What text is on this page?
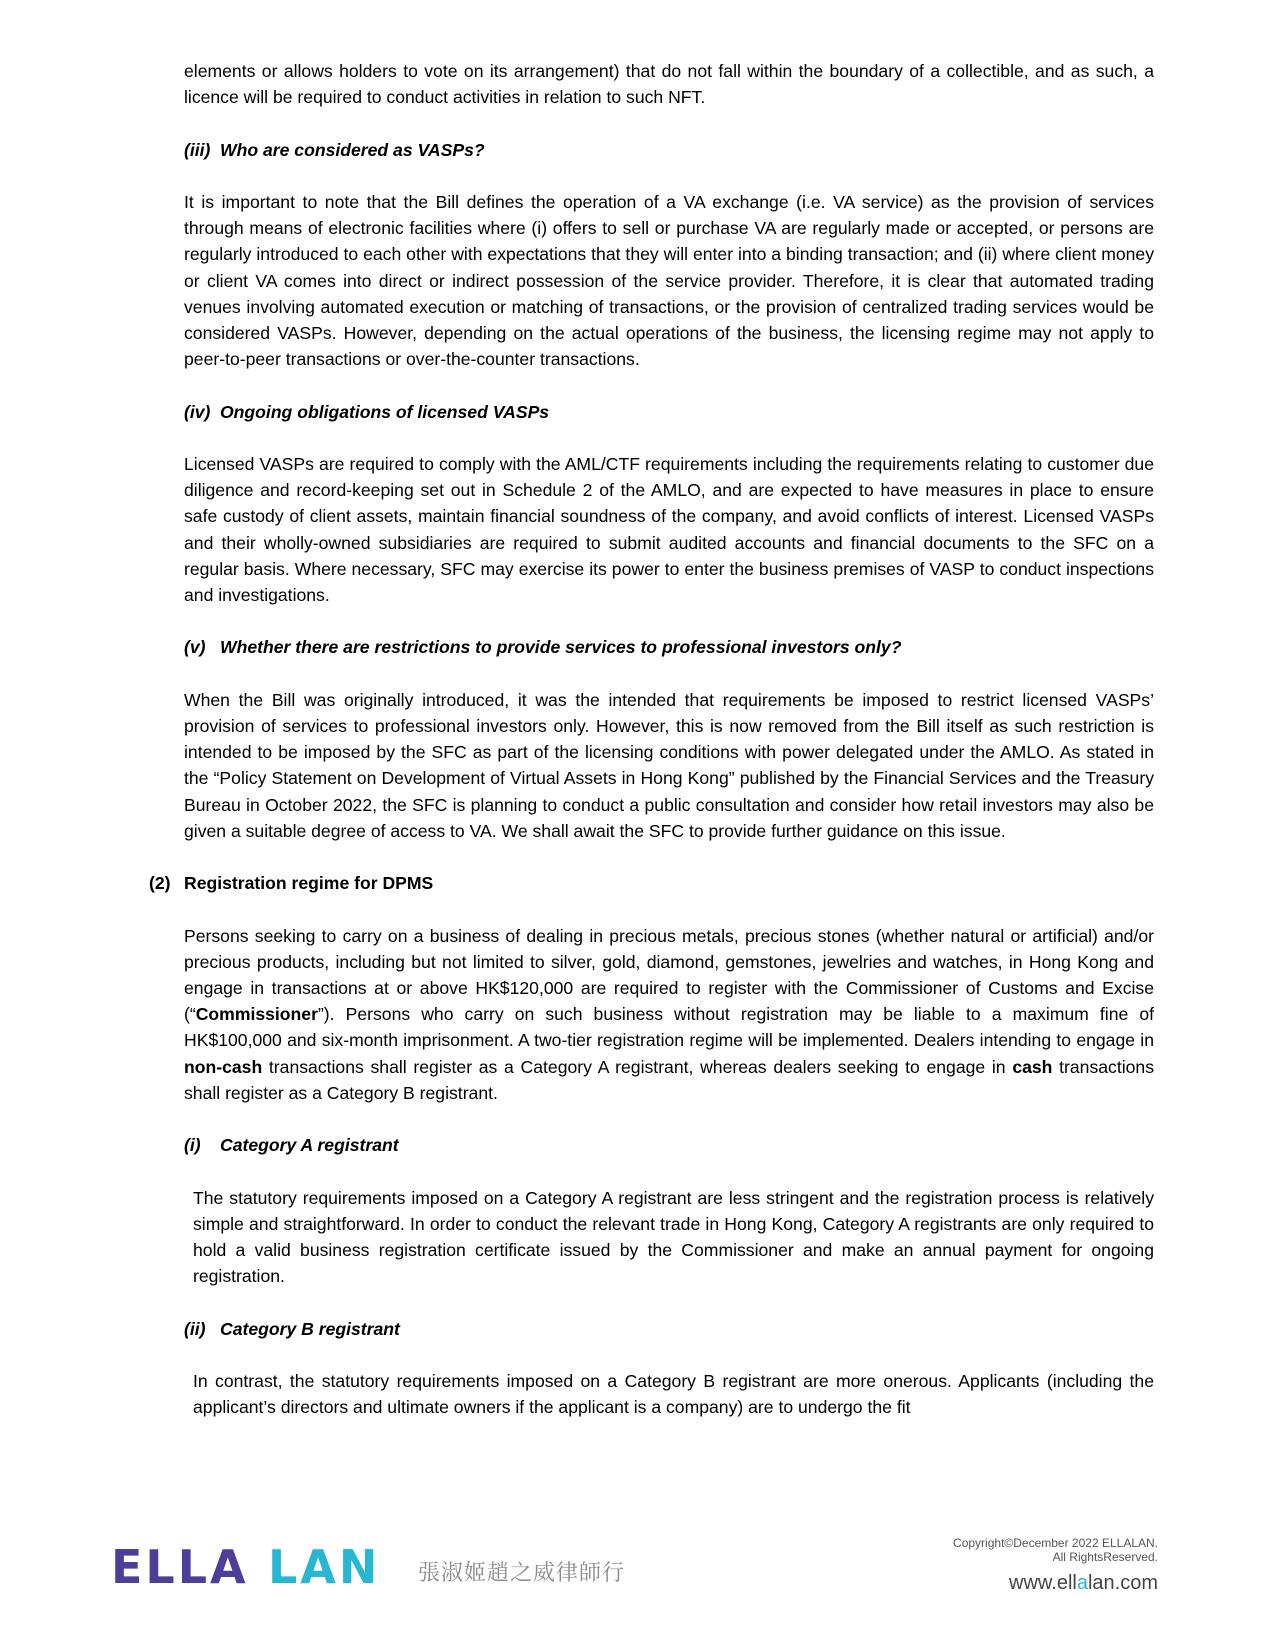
elements or allows holders to vote on its arrangement) that do not fall within the boundary of a collectible, and as such, a licence will be required to conduct activities in relation to such NFT.

(iii) Who are considered as VASPs?

It is important to note that the Bill defines the operation of a VA exchange (i.e. VA service) as the provision of services through means of electronic facilities where (i) offers to sell or purchase VA are regularly made or accepted, or persons are regularly introduced to each other with expectations that they will enter into a binding transaction; and (ii) where client money or client VA comes into direct or indirect possession of the service provider. Therefore, it is clear that automated trading venues involving automated execution or matching of transactions, or the provision of centralized trading services would be considered VASPs. However, depending on the actual operations of the business, the licensing regime may not apply to peer-to-peer transactions or over-the-counter transactions.

(iv) Ongoing obligations of licensed VASPs

Licensed VASPs are required to comply with the AML/CTF requirements including the requirements relating to customer due diligence and record-keeping set out in Schedule 2 of the AMLO, and are expected to have measures in place to ensure safe custody of client assets, maintain financial soundness of the company, and avoid conflicts of interest. Licensed VASPs and their wholly-owned subsidiaries are required to submit audited accounts and financial documents to the SFC on a regular basis. Where necessary, SFC may exercise its power to enter the business premises of VASP to conduct inspections and investigations.

(v) Whether there are restrictions to provide services to professional investors only?

When the Bill was originally introduced, it was the intended that requirements be imposed to restrict licensed VASPs’ provision of services to professional investors only. However, this is now removed from the Bill itself as such restriction is intended to be imposed by the SFC as part of the licensing conditions with power delegated under the AMLO. As stated in the “Policy Statement on Development of Virtual Assets in Hong Kong” published by the Financial Services and the Treasury Bureau in October 2022, the SFC is planning to conduct a public consultation and consider how retail investors may also be given a suitable degree of access to VA. We shall await the SFC to provide further guidance on this issue.

(2) Registration regime for DPMS

Persons seeking to carry on a business of dealing in precious metals, precious stones (whether natural or artificial) and/or precious products, including but not limited to silver, gold, diamond, gemstones, jewelries and watches, in Hong Kong and engage in transactions at or above HK$120,000 are required to register with the Commissioner of Customs and Excise (“Commissioner”). Persons who carry on such business without registration may be liable to a maximum fine of HK$100,000 and six-month imprisonment. A two-tier registration regime will be implemented. Dealers intending to engage in non-cash transactions shall register as a Category A registrant, whereas dealers seeking to engage in cash transactions shall register as a Category B registrant.

(i) Category A registrant

The statutory requirements imposed on a Category A registrant are less stringent and the registration process is relatively simple and straightforward. In order to conduct the relevant trade in Hong Kong, Category A registrants are only required to hold a valid business registration certificate issued by the Commissioner and make an annual payment for ongoing registration.

(ii) Category B registrant

In contrast, the statutory requirements imposed on a Category B registrant are more onerous. Applicants (including the applicant’s directors and ultimate owners if the applicant is a company) are to undergo the fit

ELLA LAN 張淑姬趙之威律師行
Copyright©December 2022 ELLALAN.
All RightsReserved.
www.ellalan.com
